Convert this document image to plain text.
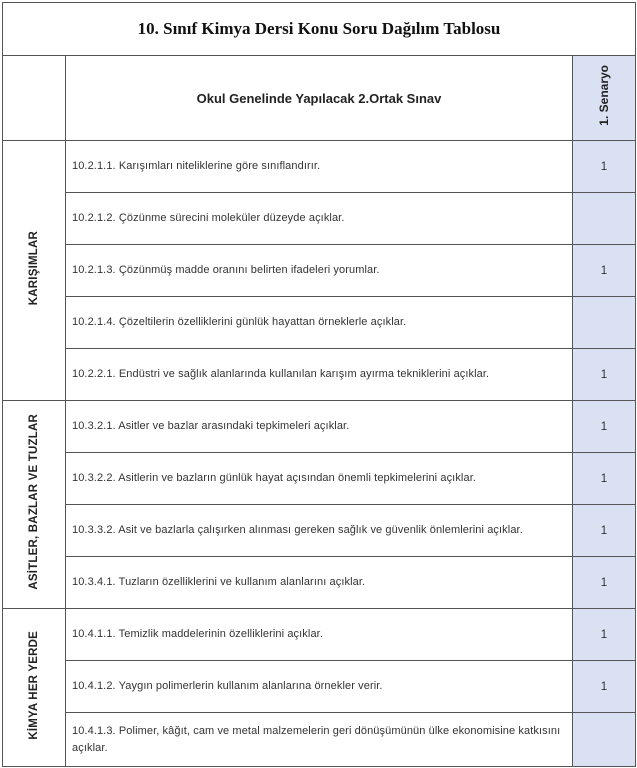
10. Sınıf Kimya Dersi Konu Soru Dağılım Tablosu		
	Okul Genelinde Yapılacak 2.Ortak Sınav	1. Senaryo
KARIŞIMLAR	10.2.1.1. Karışımları niteliklerine göre sınıflandırır.	1
	10.2.1.2. Çözünme sürecini moleküler düzeyde açıklar.	
	10.2.1.3. Çözünmüş madde oranını belirten ifadeleri yorumlar.	1
	10.2.1.4. Çözeltilerin özelliklerini günlük hayattan örneklerle açıklar.	
	10.2.2.1. Endüstri ve sağlık alanlarında kullanılan karışım ayırma tekniklerini açıklar.	1
ASİTLER, BAZLAR VE TUZLAR	10.3.2.1. Asitler ve bazlar arasındaki tepkimeleri açıklar.	1
	10.3.2.2. Asitlerin ve bazların günlük hayat açısından önemli tepkimelerini açıklar.	1
	10.3.3.2. Asit ve bazlarla çalışırken alınması gereken sağlık ve güvenlik önlemlerini açıklar.	1
	10.3.4.1. Tuzların özelliklerini ve kullanım alanlarını açıklar.	1
KİMYA HER YERDE	10.4.1.1. Temizlik maddelerinin özelliklerini açıklar.	1
	10.4.1.2. Yaygın polimerlerin kullanım alanlarına örnekler verir.	1
	10.4.1.3. Polimer, kâğıt, cam ve metal malzemelerin geri dönüşümünün ülke ekonomisine katkısını açıklar.	
